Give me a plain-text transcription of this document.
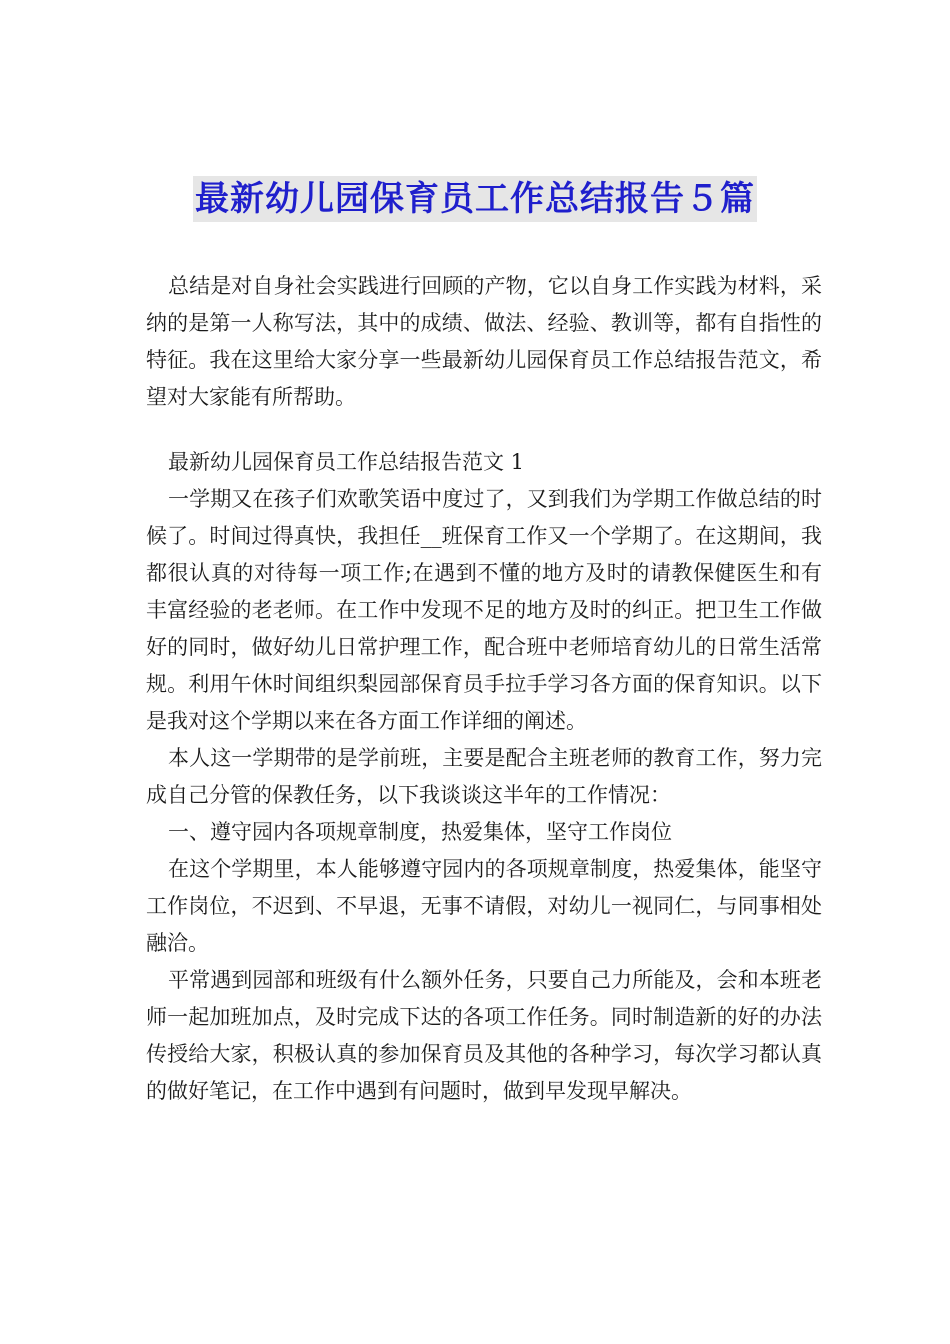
最新幼儿园保育员工作总结报告５篇

总结是对自身社会实践进行回顾的产物，它以自身工作实践为材料，采纳的是第一人称写法，其中的成绩、做法、经验、教训等，都有自指性的特征。我在这里给大家分享一些最新幼儿园保育员工作总结报告范文，希望对大家能有所帮助。

最新幼儿园保育员工作总结报告范文 1

一学期又在孩子们欢歌笑语中度过了，又到我们为学期工作做总结的时候了。时间过得真快，我担任__班保育工作又一个学期了。在这期间，我都很认真的对待每一项工作;在遇到不懂的地方及时的请教保健医生和有丰富经验的老老师。在工作中发现不足的地方及时的纠正。把卫生工作做好的同时，做好幼儿日常护理工作，配合班中老师培育幼儿的日常生活常规。利用午休时间组织梨园部保育员手拉手学习各方面的保育知识。以下是我对这个学期以来在各方面工作详细的阐述。

本人这一学期带的是学前班，主要是配合主班老师的教育工作，努力完成自己分管的保教任务，以下我谈谈这半年的工作情况：

一、遵守园内各项规章制度，热爱集体，坚守工作岗位

在这个学期里，本人能够遵守园内的各项规章制度，热爱集体，能坚守工作岗位，不迟到、不早退，无事不请假，对幼儿一视同仁，与同事相处融洽。

平常遇到园部和班级有什么额外任务，只要自己力所能及，会和本班老师一起加班加点，及时完成下达的各项工作任务。同时制造新的好的办法传授给大家，积极认真的参加保育员及其他的各种学习，每次学习都认真的做好笔记，在工作中遇到有问题时，做到早发现早解决。
